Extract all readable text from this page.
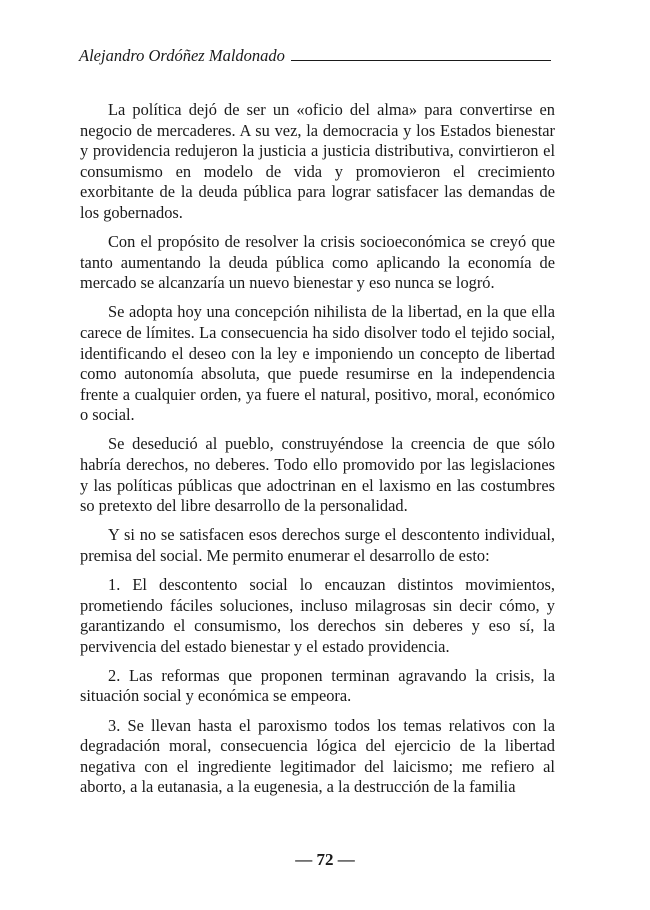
Alejandro Ordóñez Maldonado

La política dejó de ser un «oficio del alma» para convertirse en negocio de mercaderes. A su vez, la democracia y los Estados bienestar y providencia redujeron la justicia a justicia distributiva, convirtieron el consumismo en modelo de vida y promovieron el crecimiento exorbitante de la deuda pública para lograr satisfacer las demandas de los gobernados.

Con el propósito de resolver la crisis socioeconómica se creyó que tanto aumentando la deuda pública como aplicando la economía de mercado se alcanzaría un nuevo bienestar y eso nunca se logró.

Se adopta hoy una concepción nihilista de la libertad, en la que ella carece de límites. La consecuencia ha sido disolver todo el tejido social, identificando el deseo con la ley e imponiendo un concepto de libertad como autonomía absoluta, que puede resumirse en la independencia frente a cualquier orden, ya fuere el natural, positivo, moral, económico o social.

Se desedució al pueblo, construyéndose la creencia de que sólo habría derechos, no deberes. Todo ello promovido por las legislaciones y las políticas públicas que adoctrinan en el laxismo en las costumbres so pretexto del libre desarrollo de la personalidad.

Y si no se satisfacen esos derechos surge el descontento individual, premisa del social. Me permito enumerar el desarrollo de esto:

1. El descontento social lo encauzan distintos movimientos, prometiendo fáciles soluciones, incluso milagrosas sin decir cómo, y garantizando el consumismo, los derechos sin deberes y eso sí, la pervivencia del estado bienestar y el estado providencia.

2. Las reformas que proponen terminan agravando la crisis, la situación social y económica se empeora.

3. Se llevan hasta el paroxismo todos los temas relativos con la degradación moral, consecuencia lógica del ejercicio de la libertad negativa con el ingrediente legitimador del laicismo; me refiero al aborto, a la eutanasia, a la eugenesia, a la destrucción de la familia

— 72 —
